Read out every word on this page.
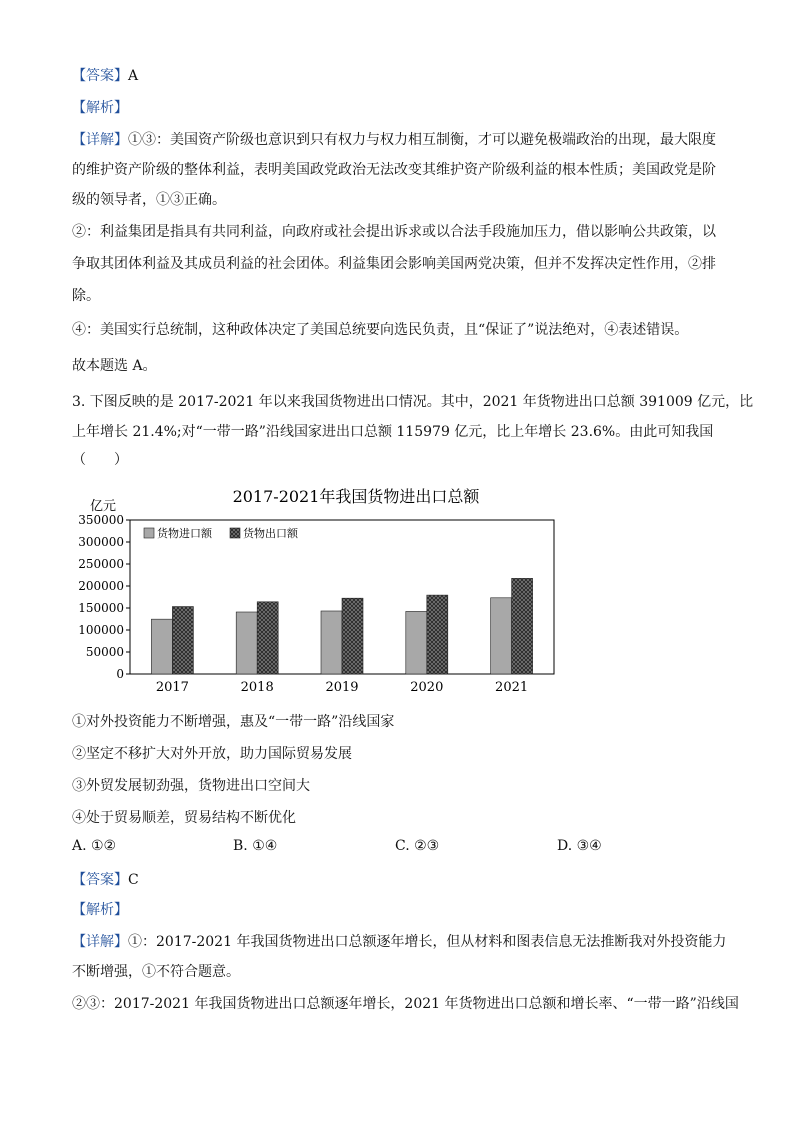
【答案】A
【解析】
【详解】①③：美国资产阶级也意识到只有权力与权力相互制衡，才可以避免极端政治的出现，最大限度
的维护资产阶级的整体利益，表明美国政党政治无法改变其维护资产阶级利益的根本性质；美国政党是阶
级的领导者，①③正确。
②：利益集团是指具有共同利益，向政府或社会提出诉求或以合法手段施加压力，借以影响公共政策，以
争取其团体利益及其成员利益的社会团体。利益集团会影响美国两党决策，但并不发挥决定性作用，②排
除。
④：美国实行总统制，这种政体决定了美国总统要向选民负责，且“保证了”说法绝对，④表述错误。
故本题选 A。
3. 下图反映的是 2017-2021 年以来我国货物进出口情况。其中，2021 年货物进出口总额 391009 亿元，比
上年增长 21.4%;对“一带一路”沿线国家进出口总额 115979 亿元，比上年增长 23.6%。由此可知我国
（　　）
2017-2021年我国货物进出口总额
亿元
货物进口额	货物出口额
0
50000
100000
150000
200000
250000
300000
350000
2017	2018	2019	2020	2021
①对外投资能力不断增强，惠及“一带一路”沿线国家
②坚定不移扩大对外开放，助力国际贸易发展
③外贸发展韧劲强，货物进出口空间大
④处于贸易顺差，贸易结构不断优化
A. ①②	B. ①④	C. ②③	D. ③④
【答案】C
【解析】
【详解】①：2017-2021 年我国货物进出口总额逐年增长，但从材料和图表信息无法推断我对外投资能力
不断增强，①不符合题意。
②③：2017-2021 年我国货物进出口总额逐年增长，2021 年货物进出口总额和增长率、“一带一路”沿线国
